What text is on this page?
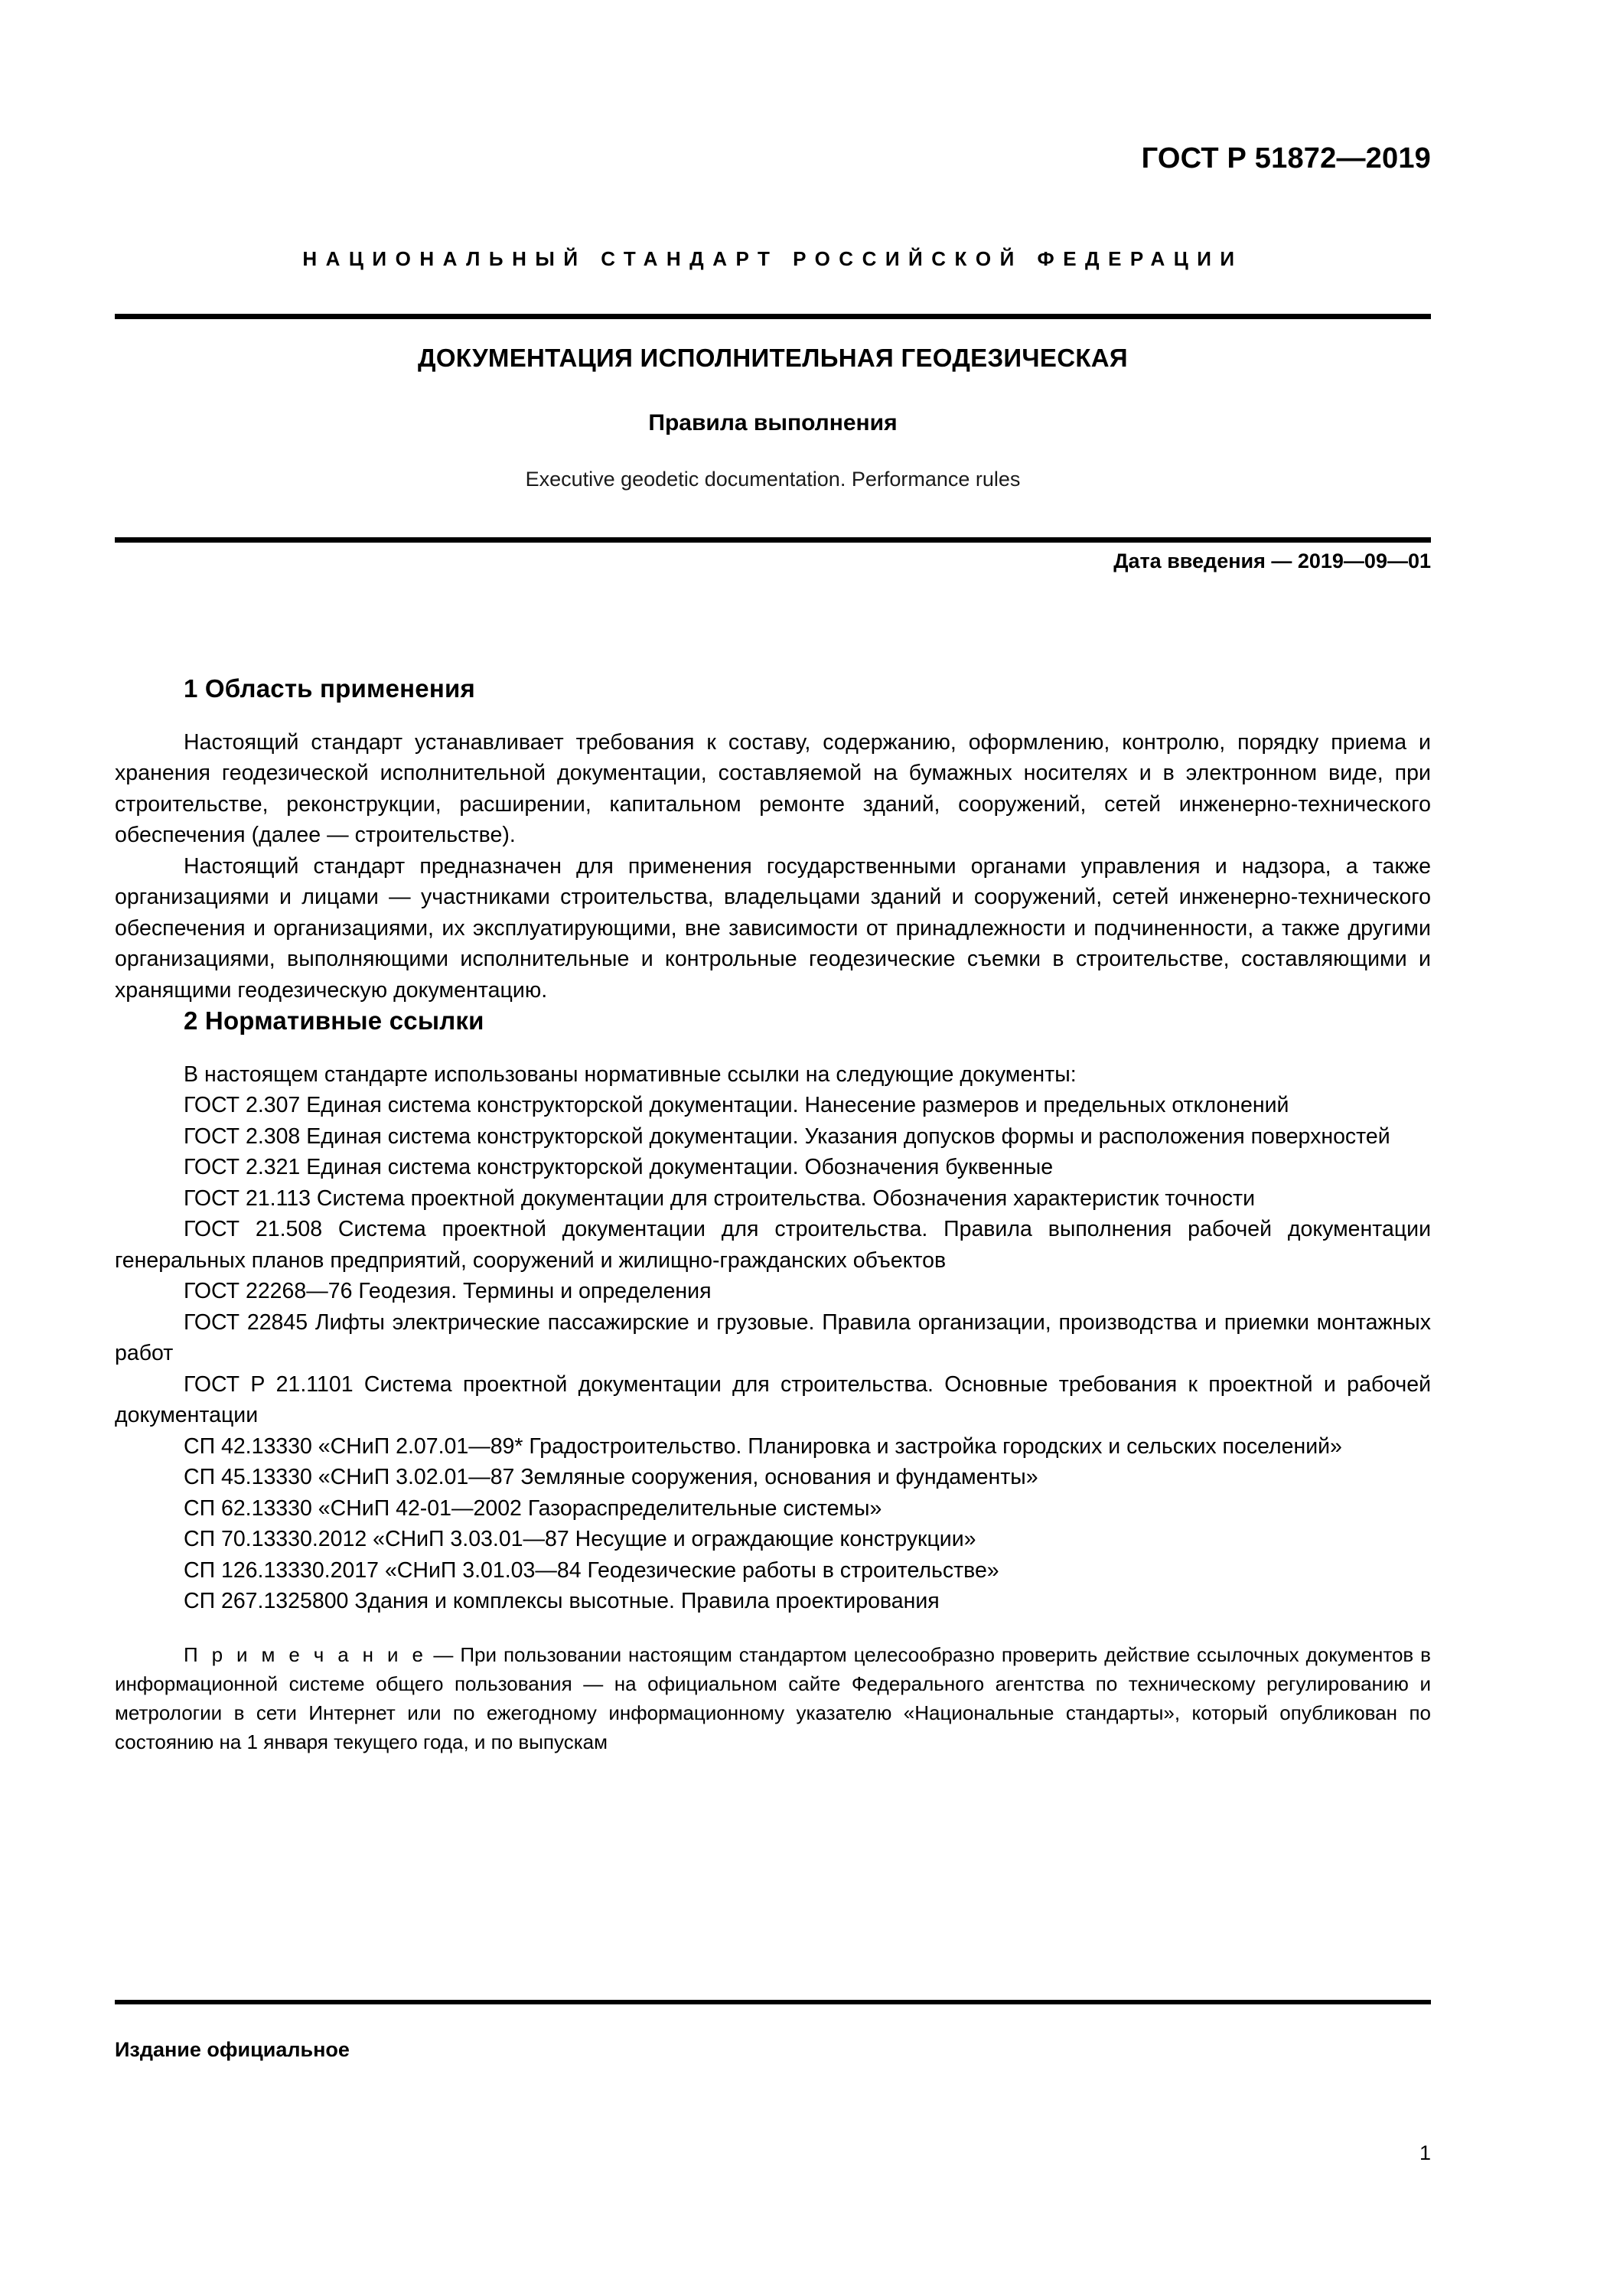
ГОСТ Р 51872—2019
НАЦИОНАЛЬНЫЙ СТАНДАРТ РОССИЙСКОЙ ФЕДЕРАЦИИ
ДОКУМЕНТАЦИЯ ИСПОЛНИТЕЛЬНАЯ ГЕОДЕЗИЧЕСКАЯ
Правила выполнения
Executive geodetic documentation. Performance rules
Дата введения — 2019—09—01
1 Область применения

Настоящий стандарт устанавливает требования к составу, содержанию, оформлению, контролю, порядку приема и хранения геодезической исполнительной документации, составляемой на бумажных носителях и в электронном виде, при строительстве, реконструкции, расширении, капитальном ремонте зданий, сооружений, сетей инженерно-технического обеспечения (далее — строительстве).

Настоящий стандарт предназначен для применения государственными органами управления и надзора, а также организациями и лицами — участниками строительства, владельцами зданий и сооружений, сетей инженерно-технического обеспечения и организациями, их эксплуатирующими, вне зависимости от принадлежности и подчиненности, а также другими организациями, выполняющими исполнительные и контрольные геодезические съемки в строительстве, составляющими и хранящими геодезическую документацию.

2 Нормативные ссылки

В настоящем стандарте использованы нормативные ссылки на следующие документы:

ГОСТ 2.307 Единая система конструкторской документации. Нанесение размеров и предельных отклонений

ГОСТ 2.308 Единая система конструкторской документации. Указания допусков формы и расположения поверхностей

ГОСТ 2.321 Единая система конструкторской документации. Обозначения буквенные

ГОСТ 21.113 Система проектной документации для строительства. Обозначения характеристик точности

ГОСТ 21.508 Система проектной документации для строительства. Правила выполнения рабочей документации генеральных планов предприятий, сооружений и жилищно-гражданских объектов

ГОСТ 22268—76 Геодезия. Термины и определения

ГОСТ 22845 Лифты электрические пассажирские и грузовые. Правила организации, производства и приемки монтажных работ

ГОСТ Р 21.1101 Система проектной документации для строительства. Основные требования к проектной и рабочей документации

СП 42.13330 «СНиП 2.07.01—89* Градостроительство. Планировка и застройка городских и сельских поселений»

СП 45.13330 «СНиП 3.02.01—87 Земляные сооружения, основания и фундаменты»

СП 62.13330 «СНиП 42-01—2002 Газораспределительные системы»

СП 70.13330.2012 «СНиП 3.03.01—87 Несущие и ограждающие конструкции»

СП 126.13330.2017 «СНиП 3.01.03—84 Геодезические работы в строительстве»

СП 267.1325800 Здания и комплексы высотные. Правила проектирования

П р и м е ч а н и е — При пользовании настоящим стандартом целесообразно проверить действие ссылочных документов в информационной системе общего пользования — на официальном сайте Федерального агентства по техническому регулированию и метрологии в сети Интернет или по ежегодному информационному указателю «Национальные стандарты», который опубликован по состоянию на 1 января текущего года, и по выпускам

Издание официальное
1
